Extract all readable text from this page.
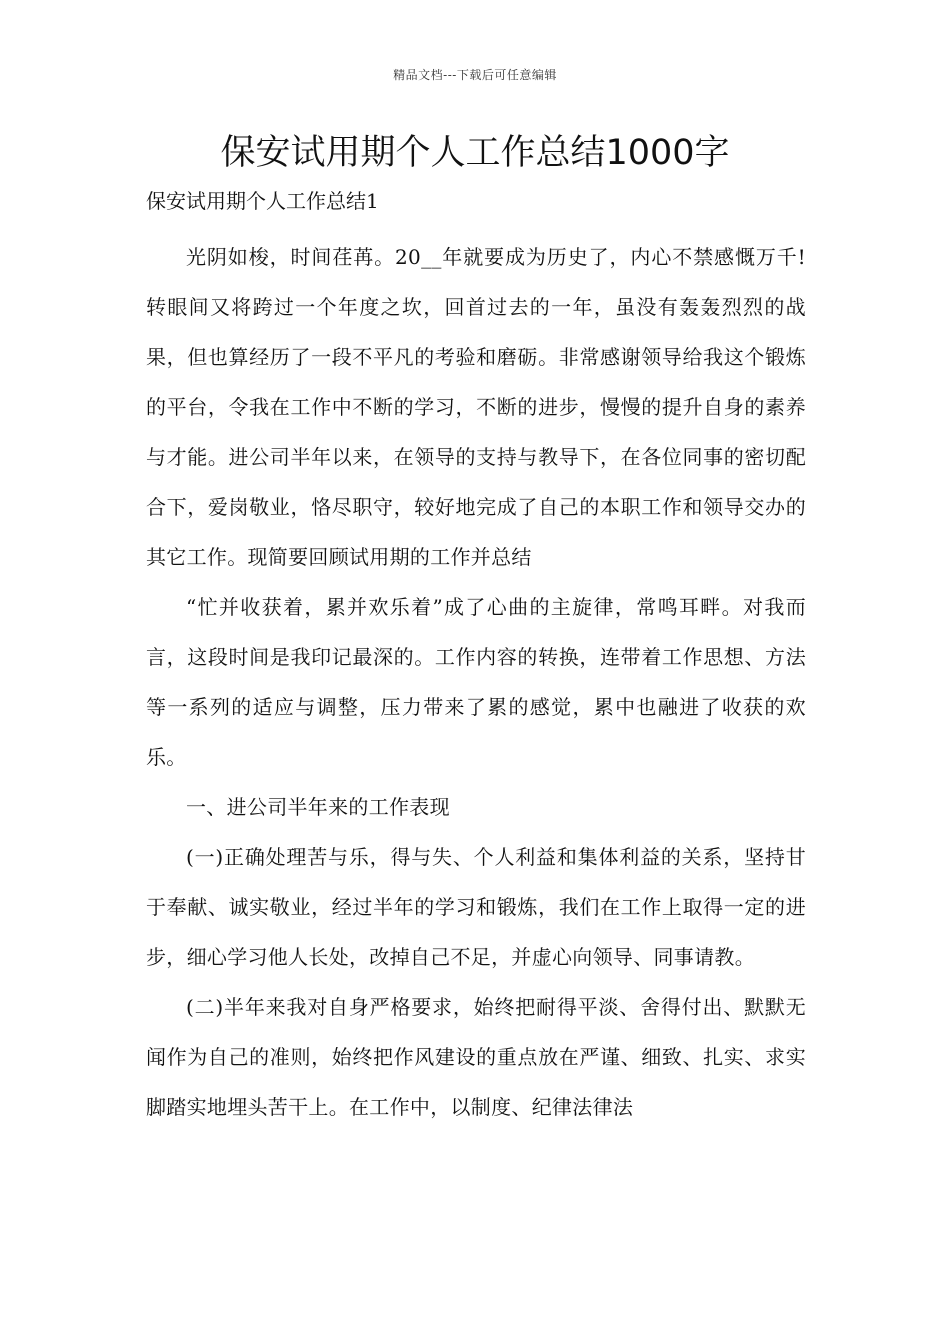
精品文档---下载后可任意编辑
保安试用期个人工作总结1000字

保安试用期个人工作总结1

光阴如梭，时间荏苒。20__年就要成为历史了，内心不禁感慨万千!转眼间又将跨过一个年度之坎，回首过去的一年，虽没有轰轰烈烈的战果，但也算经历了一段不平凡的考验和磨砺。非常感谢领导给我这个锻炼的平台，令我在工作中不断的学习，不断的进步，慢慢的提升自身的素养与才能。进公司半年以来，在领导的支持与教导下，在各位同事的密切配合下，爱岗敬业，恪尽职守，较好地完成了自己的本职工作和领导交办的其它工作。现简要回顾试用期的工作并总结

“忙并收获着，累并欢乐着”成了心曲的主旋律，常鸣耳畔。对我而言，这段时间是我印记最深的。工作内容的转换，连带着工作思想、方法等一系列的适应与调整，压力带来了累的感觉，累中也融进了收获的欢乐。

一、进公司半年来的工作表现

(一)正确处理苦与乐，得与失、个人利益和集体利益的关系，坚持甘于奉献、诚实敬业，经过半年的学习和锻炼，我们在工作上取得一定的进步，细心学习他人长处，改掉自己不足，并虚心向领导、同事请教。

(二)半年来我对自身严格要求，始终把耐得平淡、舍得付出、默默无闻作为自己的准则，始终把作风建设的重点放在严谨、细致、扎实、求实脚踏实地埋头苦干上。在工作中，以制度、纪律法律法
